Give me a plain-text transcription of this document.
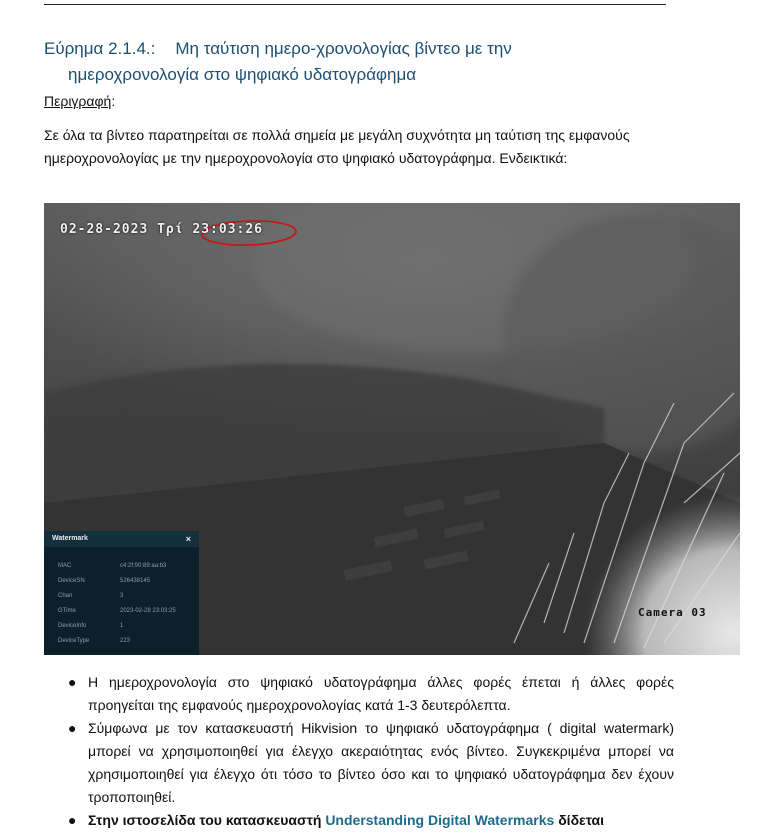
Εύρημα 2.1.4.: Μη ταύτιση ημερο-χρονολογίας βίντεο με την
ημεροχρονολογία στο ψηφιακό υδατογράφημα
Περιγραφή:
Σε όλα τα βίντεο παρατηρείται σε πολλά σημεία με μεγάλη συχνότητα μη ταύτιση της εμφανούς ημεροχρονολογίας με την ημεροχρονολογία στο ψηφιακό υδατογράφημα. Ενδεικτικά:
02-28-2023 Τρί 23:03:26
Camera 03
Watermark	×
MAC	c4:2f:90:89:aa:b3
DeviceSN	526438145
Chan	3
GTime	2023-02-28 23:03:25
DeviceInfo	1
DeviceType	223
● Η ημεροχρονολογία στο ψηφιακό υδατογράφημα άλλες φορές έπεται ή άλλες φορές προηγείται της εμφανούς ημεροχρονολογίας κατά 1-3 δευτερόλεπτα.
● Σύμφωνα με τον κατασκευαστή Hikvision το ψηφιακό υδατογράφημα ( digital watermark) μπορεί να χρησιμοποιηθεί για έλεγχο ακεραιότητας ενός βίντεο. Συγκεκριμένα μπορεί να χρησιμοποιηθεί για έλεγχο ότι τόσο το βίντεο όσο και το ψηφιακό υδατογράφημα δεν έχουν τροποποιηθεί.
● Στην ιστοσελίδα του κατασκευαστή Understanding Digital Watermarks δίδεται
